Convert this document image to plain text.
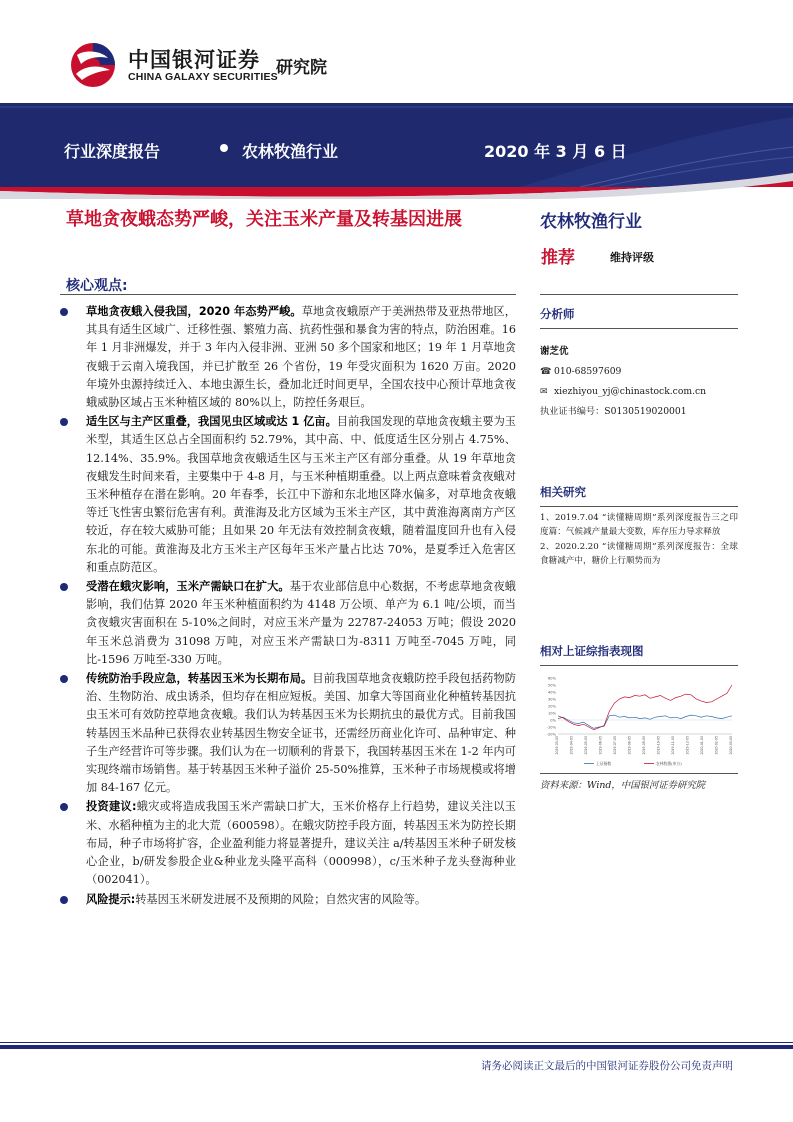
中国银河证券
CHINA GALAXY SECURITIES
研究院
行业深度报告	农林牧渔行业	2020 年 3 月 6 日
草地贪夜蛾态势严峻，关注玉米产量及转基因进展	农林牧渔行业
推荐	维持评级
核心观点:
草地贪夜蛾入侵我国，2020 年态势严峻。草地贪夜蛾原产于美洲热带及亚热带地区，其具有适生区域广、迁移性强、繁殖力高、抗药性强和暴食为害的特点，防治困难。16 年 1 月非洲爆发，并于 3 年内入侵非洲、亚洲 50 多个国家和地区；19 年 1 月草地贪夜蛾于云南入境我国，并已扩散至 26 个省份，19 年受灾面积为 1620 万亩。2020 年境外虫源持续迁入、本地虫源生长，叠加北迁时间更早，全国农技中心预计草地贪夜蛾威胁区域占玉米种植区域的 80%以上，防控任务艰巨。
适生区与主产区重叠，我国见虫区域或达 1 亿亩。目前我国发现的草地贪夜蛾主要为玉米型，其适生区总占全国面积约 52.79%，其中高、中、低度适生区分别占 4.75%、12.14%、35.9%。我国草地贪夜蛾适生区与玉米主产区有部分重叠。从 19 年草地贪夜蛾发生时间来看，主要集中于 4-8 月，与玉米种植期重叠。以上两点意味着贪夜蛾对玉米种植存在潜在影响。20 年春季，长江中下游和东北地区降水偏多，对草地贪夜蛾等迁飞性害虫繁衍危害有利。黄淮海及北方区域为玉米主产区，其中黄淮海离南方产区较近，存在较大威胁可能；且如果 20 年无法有效控制贪夜蛾，随着温度回升也有入侵东北的可能。黄淮海及北方玉米主产区每年玉米产量占比达 70%，是夏季迁入危害区和重点防范区。
受潜在蛾灾影响，玉米产需缺口在扩大。基于农业部信息中心数据，不考虑草地贪夜蛾影响，我们估算 2020 年玉米种植面积约为 4148 万公顷、单产为 6.1 吨/公顷，而当贪夜蛾灾害面积在 5-10%之间时，对应玉米产量为 22787-24053 万吨；假设 2020 年玉米总消费为 31098 万吨，对应玉米产需缺口为-8311 万吨至-7045 万吨，同比-1596 万吨至-330 万吨。
传统防治手段应急，转基因玉米为长期布局。目前我国草地贪夜蛾防控手段包括药物防治、生物防治、成虫诱杀，但均存在相应短板。美国、加拿大等国商业化种植转基因抗虫玉米可有效防控草地贪夜蛾。我们认为转基因玉米为长期抗虫的最优方式。目前我国转基因玉米品种已获得农业转基因生物安全证书，还需经历商业化许可、品种审定、种子生产经营许可等步骤。我们认为在一切顺利的背景下，我国转基因玉米在 1-2 年内可实现终端市场销售。基于转基因玉米种子溢价 25-50%推算，玉米种子市场规模或将增加 84-167 亿元。
投资建议:蛾灾或将造成我国玉米产需缺口扩大，玉米价格存上行趋势，建议关注以玉米、水稻种植为主的北大荒（600598）。在蛾灾防控手段方面，转基因玉米为防控长期布局，种子市场将扩容，企业盈利能力将显著提升，建议关注 a/转基因玉米种子研发核心企业，b/研发参股企业&种业龙头隆平高科（000998），c/玉米种子龙头登海种业（002041）。
风险提示:转基因玉米研发进展不及预期的风险；自然灾害的风险等。
分析师
谢芝优
☎ 010-68597609
✉ xiezhiyou_yj@chinastock.com.cn
执业证书编号：S0130519020001
相关研究
1、2019.7.04 “读懂糖周期”系列深度报告三之印度篇：气候减产量最大变数，库存压力导求释放
2、2020.2.20 “读懂糖周期”系列深度报告：全球食糖减产中，糖价上行顺势而为
相对上证综指表现图
60%
50%
40%
30%
20%
10%
0%
-10%
-20%
2019-03-05	2019-04-05	2019-05-05	2019-06-05	2019-07-05	2019-08-05	2019-09-05	2019-10-05	2019-11-05	2019-12-05	2020-01-05	2020-02-05	2020-03-05
上证指数	农林牧渔(申万)
资料来源：Wind，中国银河证券研究院
请务必阅读正文最后的中国银河证券股份公司免责声明
